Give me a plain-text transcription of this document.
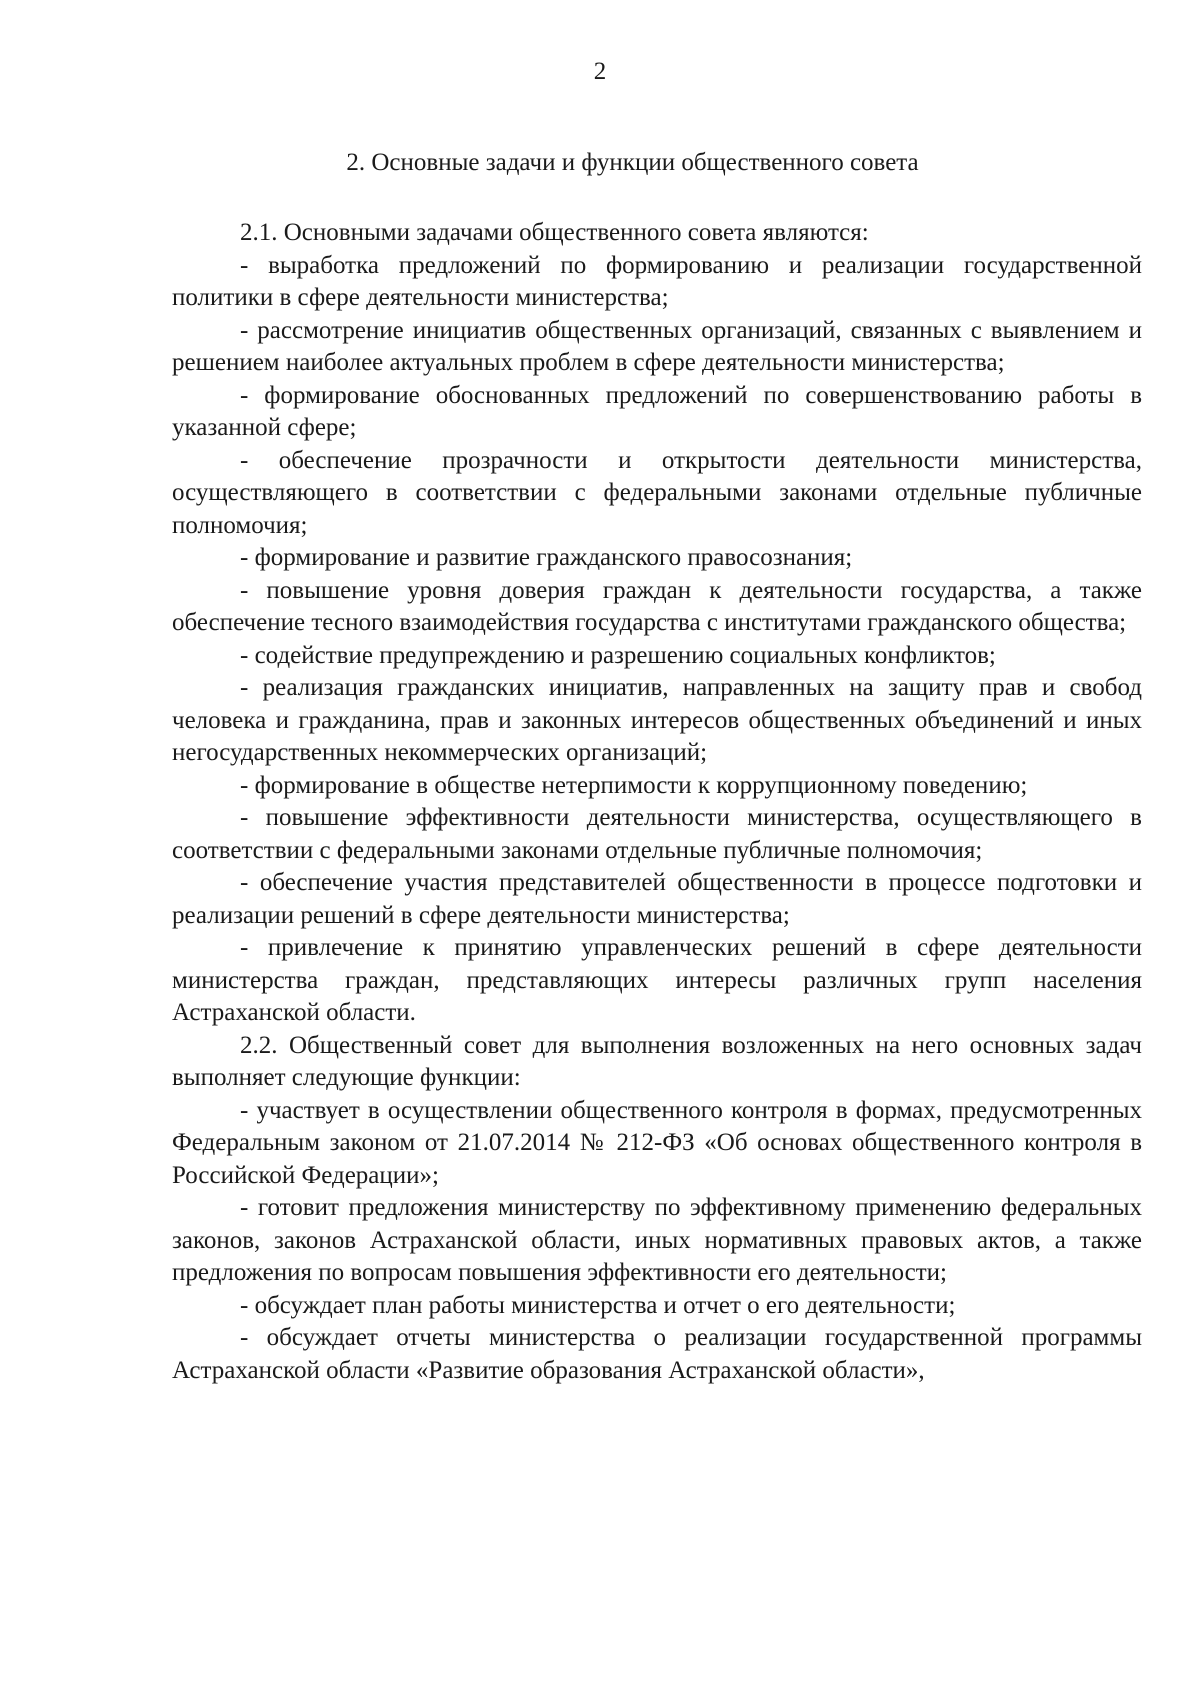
2
2. Основные задачи и функции общественного совета

2.1. Основными задачами общественного совета являются:

- выработка предложений по формированию и реализации государственной политики в сфере деятельности министерства;

- рассмотрение инициатив общественных организаций, связанных с выявлением и решением наиболее актуальных проблем в сфере деятельности министерства;

- формирование обоснованных предложений по совершенствованию работы в указанной сфере;

- обеспечение прозрачности и открытости деятельности министерства, осуществляющего в соответствии с федеральными законами отдельные публичные полномочия;

- формирование и развитие гражданского правосознания;

- повышение уровня доверия граждан к деятельности государства, а также обеспечение тесного взаимодействия государства с институтами гражданского общества;

- содействие предупреждению и разрешению социальных конфликтов;

- реализация гражданских инициатив, направленных на защиту прав и свобод человека и гражданина, прав и законных интересов общественных объединений и иных негосударственных некоммерческих организаций;

- формирование в обществе нетерпимости к коррупционному поведению;

- повышение эффективности деятельности министерства, осуществляющего в соответствии с федеральными законами отдельные публичные полномочия;

- обеспечение участия представителей общественности в процессе подготовки и реализации решений в сфере деятельности министерства;

- привлечение к принятию управленческих решений в сфере деятельности министерства граждан, представляющих интересы различных групп населения Астраханской области.

2.2. Общественный совет для выполнения возложенных на него основных задач выполняет следующие функции:

- участвует в осуществлении общественного контроля в формах, предусмотренных Федеральным законом от 21.07.2014 № 212-ФЗ «Об основах общественного контроля в Российской Федерации»;

- готовит предложения министерству по эффективному применению федеральных законов, законов Астраханской области, иных нормативных правовых актов, а также предложения по вопросам повышения эффективности его деятельности;

- обсуждает план работы министерства и отчет о его деятельности;

- обсуждает отчеты министерства о реализации государственной программы Астраханской области «Развитие образования Астраханской области»,
